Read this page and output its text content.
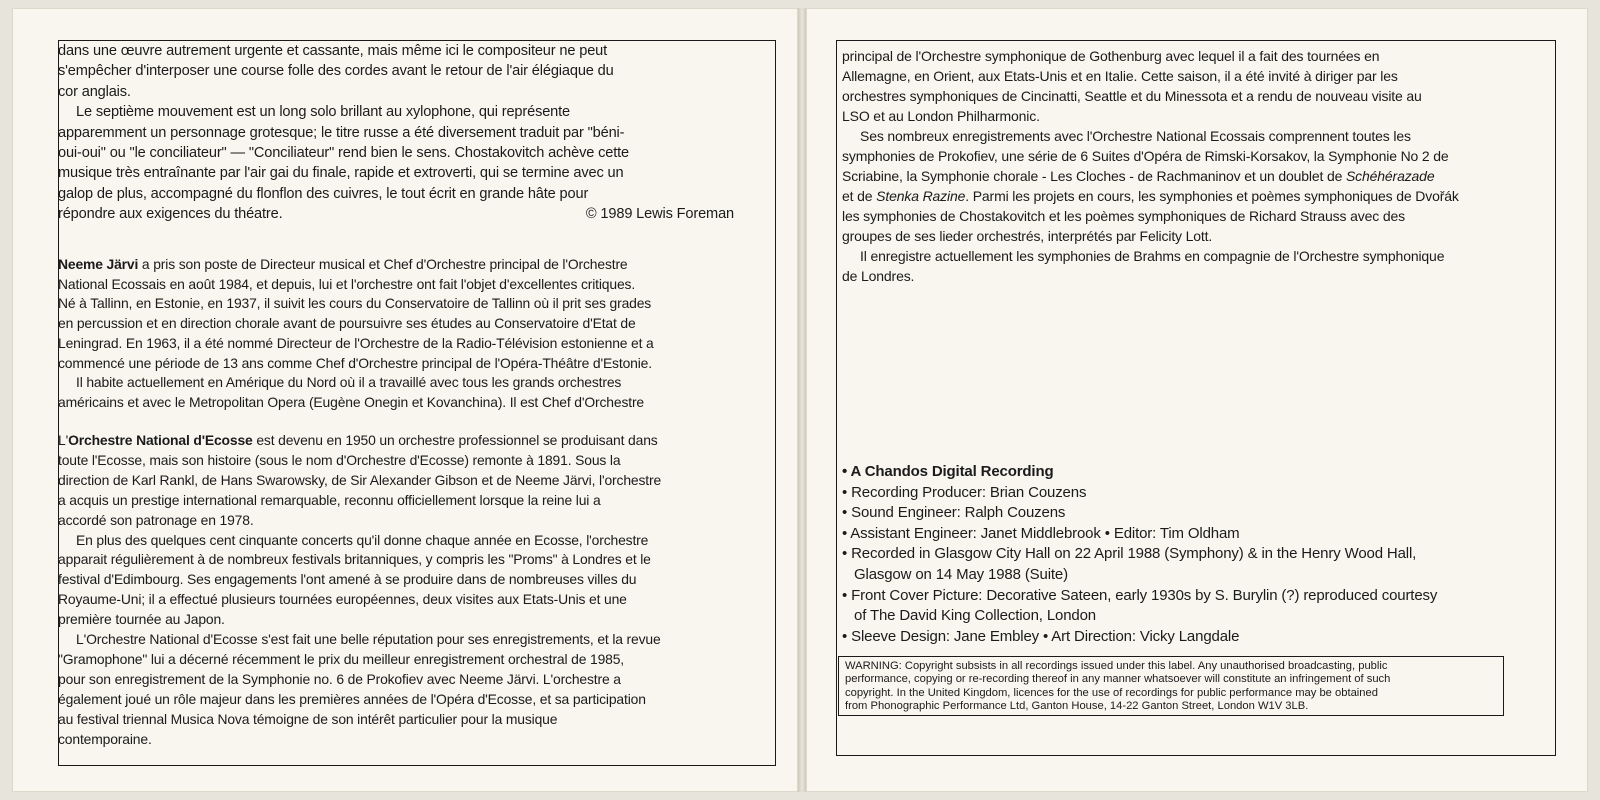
dans une œuvre autrement urgente et cassante, mais même ici le compositeur ne peut
s'empêcher d'interposer une course folle des cordes avant le retour de l'air élégiaque du
cor anglais.
Le septième mouvement est un long solo brillant au xylophone, qui représente
apparemment un personnage grotesque; le titre russe a été diversement traduit par "béni-
oui-oui" ou "le conciliateur" — "Conciliateur" rend bien le sens. Chostakovitch achève cette
musique très entraînante par l'air gai du finale, rapide et extroverti, qui se termine avec un
galop de plus, accompagné du flonflon des cuivres, le tout écrit en grande hâte pour
répondre aux exigences du théatre.	© 1989 Lewis Foreman
Neeme Järvi a pris son poste de Directeur musical et Chef d'Orchestre principal de l'Orchestre
National Ecossais en août 1984, et depuis, lui et l'orchestre ont fait l'objet d'excellentes critiques.
Né à Tallinn, en Estonie, en 1937, il suivit les cours du Conservatoire de Tallinn où il prit ses grades
en percussion et en direction chorale avant de poursuivre ses études au Conservatoire d'Etat de
Leningrad. En 1963, il a été nommé Directeur de l'Orchestre de la Radio-Télévision estonienne et a
commencé une période de 13 ans comme Chef d'Orchestre principal de l'Opéra-Théâtre d'Estonie.
Il habite actuellement en Amérique du Nord où il a travaillé avec tous les grands orchestres
américains et avec le Metropolitan Opera (Eugène Onegin et Kovanchina). Il est Chef d'Orchestre
L'Orchestre National d'Ecosse est devenu en 1950 un orchestre professionnel se produisant dans
toute l'Ecosse, mais son histoire (sous le nom d'Orchestre d'Ecosse) remonte à 1891. Sous la
direction de Karl Rankl, de Hans Swarowsky, de Sir Alexander Gibson et de Neeme Järvi, l'orchestre
a acquis un prestige international remarquable, reconnu officiellement lorsque la reine lui a
accordé son patronage en 1978.
En plus des quelques cent cinquante concerts qu'il donne chaque année en Ecosse, l'orchestre
apparait régulièrement à de nombreux festivals britanniques, y compris les "Proms" à Londres et le
festival d'Edimbourg. Ses engagements l'ont amené à se produire dans de nombreuses villes du
Royaume-Uni; il a effectué plusieurs tournées européennes, deux visites aux Etats-Unis et une
première tournée au Japon.
L'Orchestre National d'Ecosse s'est fait une belle réputation pour ses enregistrements, et la revue
"Gramophone" lui a décerné récemment le prix du meilleur enregistrement orchestral de 1985,
pour son enregistrement de la Symphonie no. 6 de Prokofiev avec Neeme Järvi. L'orchestre a
également joué un rôle majeur dans les premières années de l'Opéra d'Ecosse, et sa participation
au festival triennal Musica Nova témoigne de son intérêt particulier pour la musique
contemporaine.
principal de l'Orchestre symphonique de Gothenburg avec lequel il a fait des tournées en
Allemagne, en Orient, aux Etats-Unis et en Italie. Cette saison, il a été invité à diriger par les
orchestres symphoniques de Cincinatti, Seattle et du Minessota et a rendu de nouveau visite au
LSO et au London Philharmonic.
Ses nombreux enregistrements avec l'Orchestre National Ecossais comprennent toutes les
symphonies de Prokofiev, une série de 6 Suites d'Opéra de Rimski-Korsakov, la Symphonie No 2 de
Scriabine, la Symphonie chorale - Les Cloches - de Rachmaninov et un doublet de Schéhérazade
et de Stenka Razine. Parmi les projets en cours, les symphonies et poèmes symphoniques de Dvořák
les symphonies de Chostakovitch et les poèmes symphoniques de Richard Strauss avec des
groupes de ses lieder orchestrés, interprétés par Felicity Lott.
Il enregistre actuellement les symphonies de Brahms en compagnie de l'Orchestre symphonique
de Londres.
• A Chandos Digital Recording
• Recording Producer: Brian Couzens
• Sound Engineer: Ralph Couzens
• Assistant Engineer: Janet Middlebrook • Editor: Tim Oldham
• Recorded in Glasgow City Hall on 22 April 1988 (Symphony) & in the Henry Wood Hall,
Glasgow on 14 May 1988 (Suite)
• Front Cover Picture: Decorative Sateen, early 1930s by S. Burylin (?) reproduced courtesy
of The David King Collection, London
• Sleeve Design: Jane Embley • Art Direction: Vicky Langdale
WARNING: Copyright subsists in all recordings issued under this label. Any unauthorised broadcasting, public
performance, copying or re-recording thereof in any manner whatsoever will constitute an infringement of such
copyright. In the United Kingdom, licences for the use of recordings for public performance may be obtained
from Phonographic Performance Ltd, Ganton House, 14-22 Ganton Street, London W1V 3LB.
